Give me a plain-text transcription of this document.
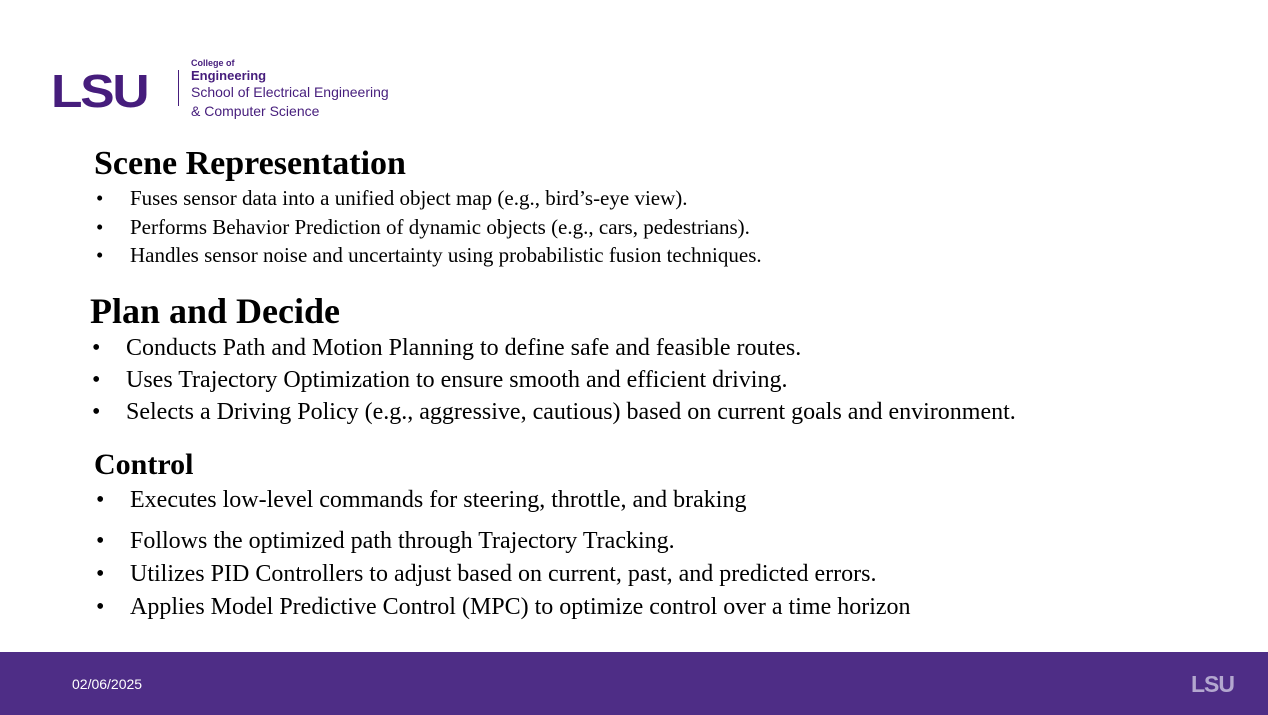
LSU
College of
Engineering
School of Electrical Engineering
& Computer Science
Scene Representation
• Fuses sensor data into a unified object map (e.g., bird’s-eye view).
• Performs Behavior Prediction of dynamic objects (e.g., cars, pedestrians).
• Handles sensor noise and uncertainty using probabilistic fusion techniques.
Plan and Decide
• Conducts Path and Motion Planning to define safe and feasible routes.
• Uses Trajectory Optimization to ensure smooth and efficient driving.
• Selects a Driving Policy (e.g., aggressive, cautious) based on current goals and environment.
Control
• Executes low-level commands for steering, throttle, and braking
• Follows the optimized path through Trajectory Tracking.
• Utilizes PID Controllers to adjust based on current, past, and predicted errors.
• Applies Model Predictive Control (MPC) to optimize control over a time horizon
02/06/2025	LSU
